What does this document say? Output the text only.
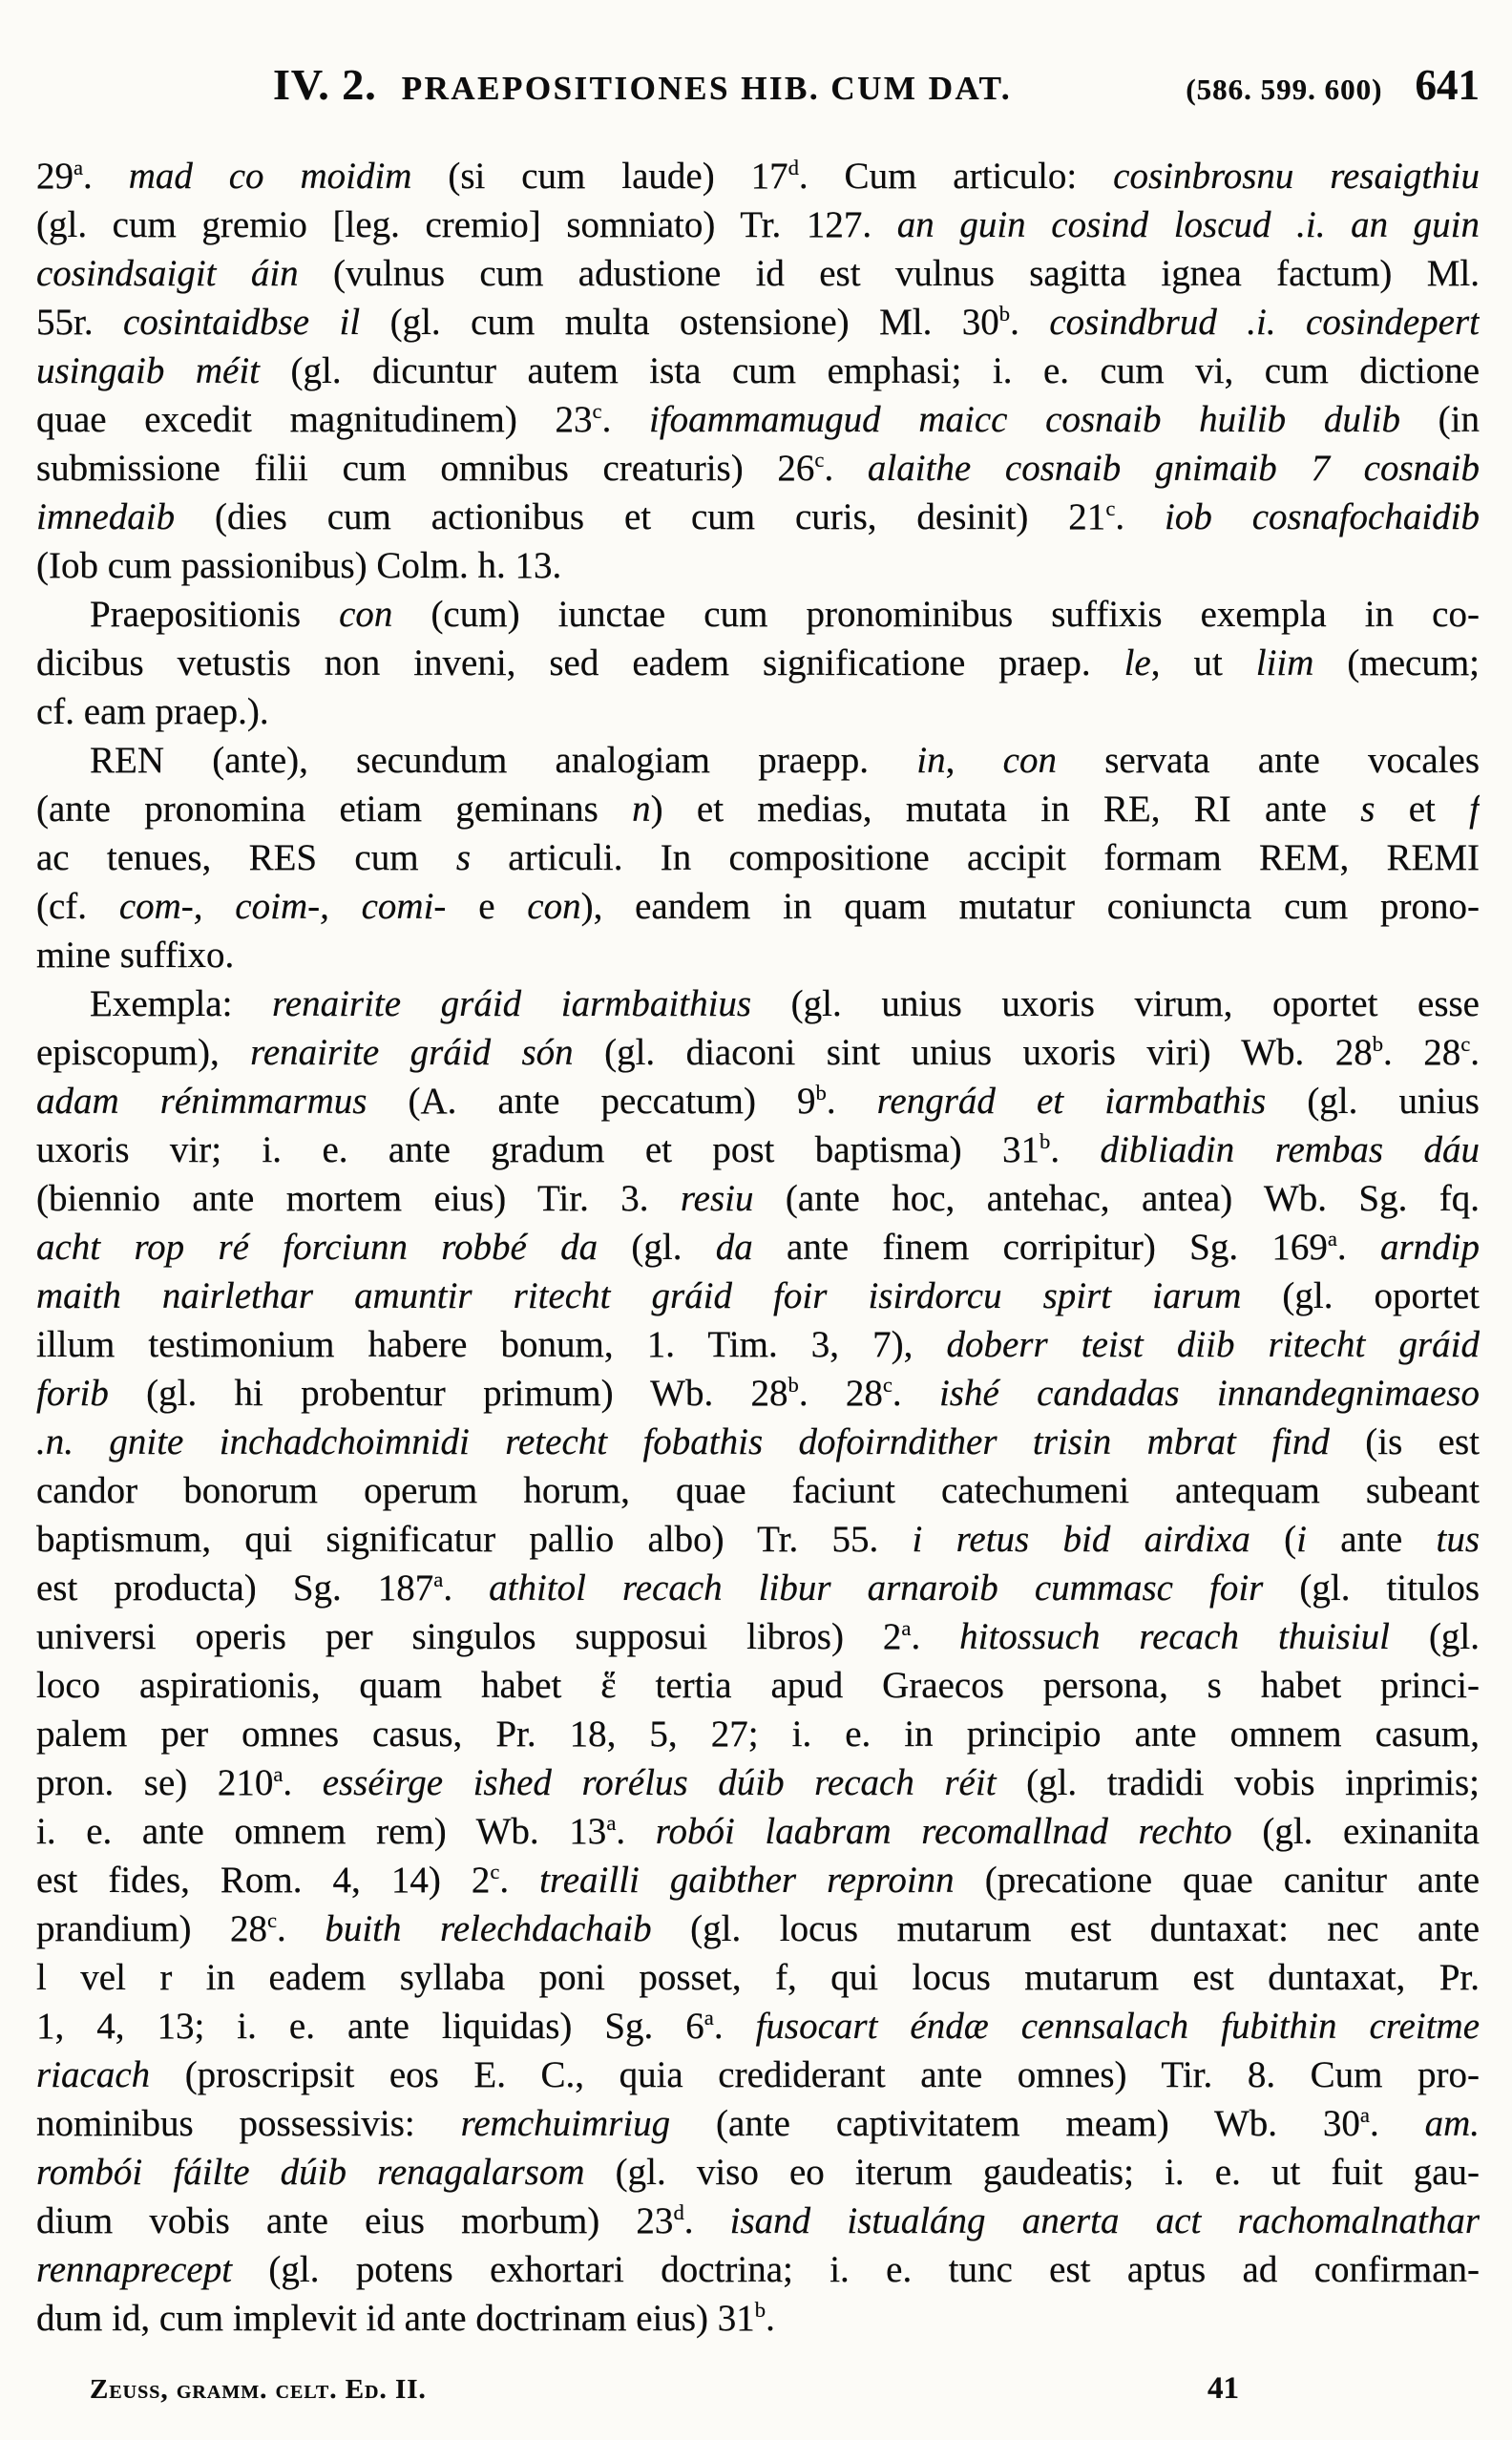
IV. 2. PRAEPOSITIONES HIB. CUM DAT.	(586. 599. 600) 641
29$^a$. mad co moidim (si cum laude) 17$^d$. Cum articulo: cosinbrosnu resaigthiu
(gl. cum gremio [leg. cremio] somniato) Tr. 127. an guin cosind loscud .i. an guin
cosindsaigit áin (vulnus cum adustione id est vulnus sagitta ignea factum) Ml.
55r. cosintaidbse il (gl. cum multa ostensione) Ml. 30$^b$. cosindbrud .i. cosindepert
usingaib méit (gl. dicuntur autem ista cum emphasi; i. e. cum vi, cum dictione
quae excedit magnitudinem) 23$^c$. ifoammamugud maicc cosnaib huilib dulib (in
submissione filii cum omnibus creaturis) 26$^c$. alaithe cosnaib gnimaib 7 cosnaib
imnedaib (dies cum actionibus et cum curis, desinit) 21$^c$. iob cosnafochaidib
(Iob cum passionibus) Colm. h. 13.
Praepositionis con (cum) iunctae cum pronominibus suffixis exempla in co-
dicibus vetustis non inveni, sed eadem significatione praep. le, ut liim (mecum;
cf. eam praep.).
REN (ante), secundum analogiam praepp. in, con servata ante vocales
(ante pronomina etiam geminans n) et medias, mutata in RE, RI ante s et f
ac tenues, RES cum s articuli. In compositione accipit formam REM, REMI
(cf. com-, coim-, comi- e con), eandem in quam mutatur coniuncta cum prono-
mine suffixo.
Exempla: renairite gráid iarmbaithius (gl. unius uxoris virum, oportet esse
episcopum), renairite gráid són (gl. diaconi sint unius uxoris viri) Wb. 28$^b$. 28$^c$.
adam rénimmarmus (A. ante peccatum) 9$^b$. rengrád et iarmbathis (gl. unius
uxoris vir; i. e. ante gradum et post baptisma) 31$^b$. dibliadin rembas dáu
(biennio ante mortem eius) Tir. 3. resiu (ante hoc, antehac, antea) Wb. Sg. fq.
acht rop ré forciunn robbé da (gl. da ante finem corripitur) Sg. 169$^a$. arndip
maith nairlethar amuntir ritecht gráid foir isirdorcu spirt iarum (gl. oportet
illum testimonium habere bonum, 1. Tim. 3, 7), doberr teist diib ritecht gráid
forib (gl. hi probentur primum) Wb. 28$^b$. 28$^c$. ishé candadas innandegnimaeso
.n. gnite inchadchoimnidi retecht fobathis dofoirndither trisin mbrat find (is est
candor bonorum operum horum, quae faciunt catechumeni antequam subeant
baptismum, qui significatur pallio albo) Tr. 55. i retus bid airdixa (i ante tus
est producta) Sg. 187$^a$. athitol recach libur arnaroib cummasc foir (gl. titulos
universi operis per singulos supposui libros) 2$^a$. hitossuch recach thuisiul (gl.
loco aspirationis, quam habet ἕ tertia apud Graecos persona, s habet princi-
palem per omnes casus, Pr. 18, 5, 27; i. e. in principio ante omnem casum,
pron. se) 210$^a$. esséirge ished rorélus dúib recach réit (gl. tradidi vobis inprimis;
i. e. ante omnem rem) Wb. 13$^a$. robói laabram recomallnad rechto (gl. exinanita
est fides, Rom. 4, 14) 2$^c$. treailli gaibther reproinn (precatione quae canitur ante
prandium) 28$^c$. buith relechdachaib (gl. locus mutarum est duntaxat: nec ante
l vel r in eadem syllaba poni posset, f, qui locus mutarum est duntaxat, Pr.
1, 4, 13; i. e. ante liquidas) Sg. 6$^a$. fusocart éndæ cennsalach fubithin creitme
riacach (proscripsit eos E. C., quia crediderant ante omnes) Tir. 8. Cum pro-
nominibus possessivis: remchuimriug (ante captivitatem meam) Wb. 30$^a$. am.
rombói fáilte dúib renagalarsom (gl. viso eo iterum gaudeatis; i. e. ut fuit gau-
dium vobis ante eius morbum) 23$^d$. isand istualáng anerta act rachomalnathar
rennaprecept (gl. potens exhortari doctrina; i. e. tunc est aptus ad confirman-
dum id, cum implevit id ante doctrinam eius) 31$^b$.
Zeuss, gramm. celt. Ed. II.	41
